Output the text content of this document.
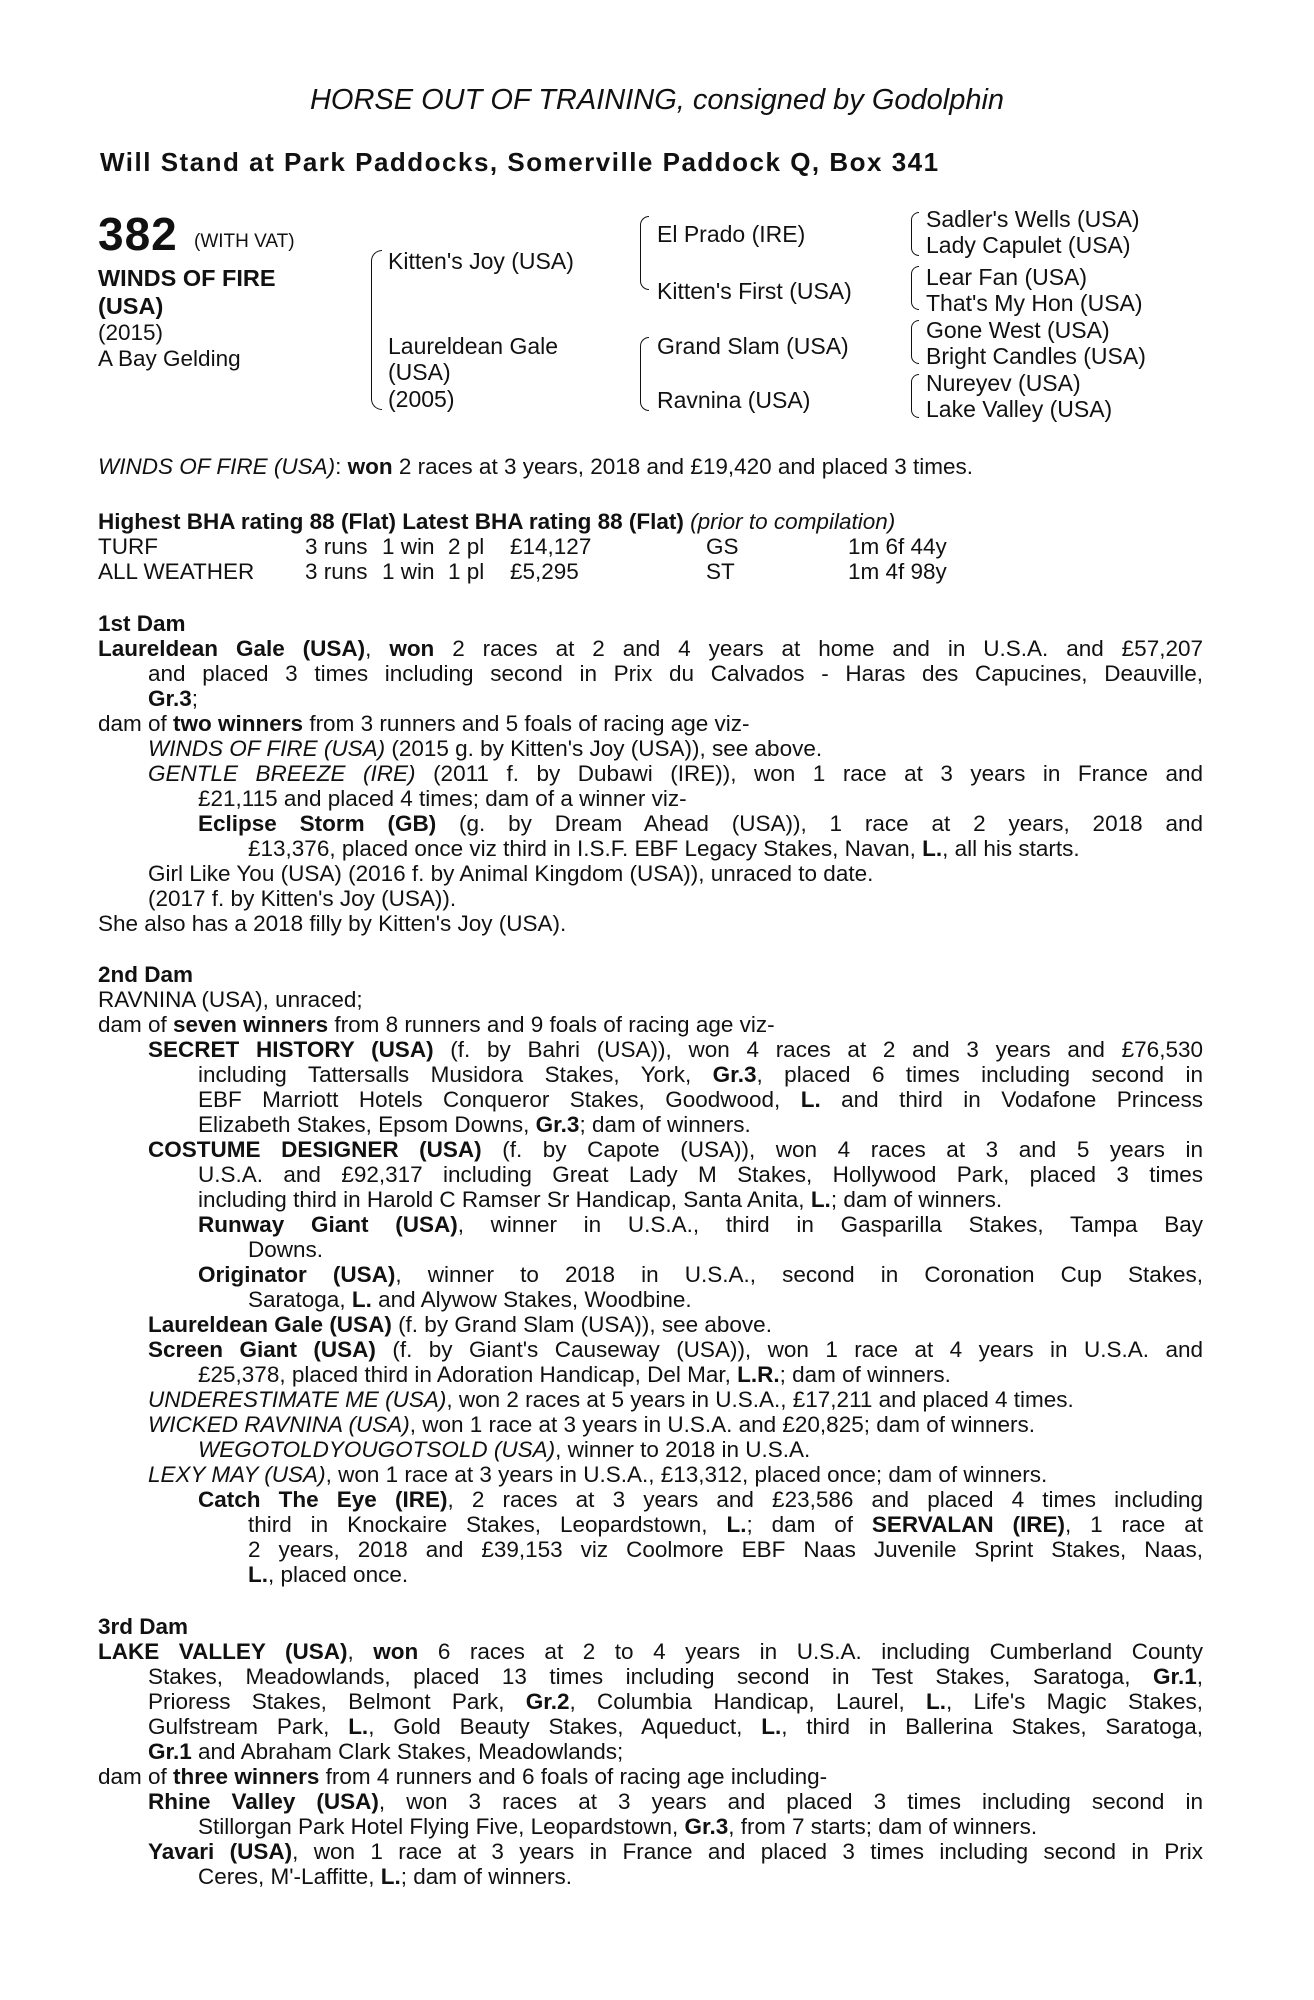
HORSE OUT OF TRAINING, consigned by Godolphin
Will Stand at Park Paddocks, Somerville Paddock Q, Box 341
382 (WITH VAT)
WINDS OF FIRE
(USA)
(2015)
A Bay Gelding
Kitten's Joy (USA)
Laureldean Gale
(USA)
(2005)
El Prado (IRE)
Kitten's First (USA)
Grand Slam (USA)
Ravnina (USA)
Sadler's Wells (USA)
Lady Capulet (USA)
Lear Fan (USA)
That's My Hon (USA)
Gone West (USA)
Bright Candles (USA)
Nureyev (USA)
Lake Valley (USA)
WINDS OF FIRE (USA): won 2 races at 3 years, 2018 and £19,420 and placed 3 times.
Highest BHA rating 88 (Flat) Latest BHA rating 88 (Flat) (prior to compilation)
TURF	3 runs 1 win 2 pl £14,127	GS	1m 6f 44y
ALL WEATHER 3 runs 1 win 1 pl £5,295	ST	1m 4f 98y
1st Dam
Laureldean Gale (USA), won 2 races at 2 and 4 years at home and in U.S.A. and £57,207
and placed 3 times including second in Prix du Calvados - Haras des Capucines, Deauville,
Gr.3;
dam of two winners from 3 runners and 5 foals of racing age viz-
WINDS OF FIRE (USA) (2015 g. by Kitten's Joy (USA)), see above.
GENTLE BREEZE (IRE) (2011 f. by Dubawi (IRE)), won 1 race at 3 years in France and
£21,115 and placed 4 times; dam of a winner viz-
Eclipse Storm (GB) (g. by Dream Ahead (USA)), 1 race at 2 years, 2018 and
£13,376, placed once viz third in I.S.F. EBF Legacy Stakes, Navan, L., all his starts.
Girl Like You (USA) (2016 f. by Animal Kingdom (USA)), unraced to date.
(2017 f. by Kitten's Joy (USA)).
She also has a 2018 filly by Kitten's Joy (USA).
2nd Dam
RAVNINA (USA), unraced;
dam of seven winners from 8 runners and 9 foals of racing age viz-
SECRET HISTORY (USA) (f. by Bahri (USA)), won 4 races at 2 and 3 years and £76,530
including Tattersalls Musidora Stakes, York, Gr.3, placed 6 times including second in
EBF Marriott Hotels Conqueror Stakes, Goodwood, L. and third in Vodafone Princess
Elizabeth Stakes, Epsom Downs, Gr.3; dam of winners.
COSTUME DESIGNER (USA) (f. by Capote (USA)), won 4 races at 3 and 5 years in
U.S.A. and £92,317 including Great Lady M Stakes, Hollywood Park, placed 3 times
including third in Harold C Ramser Sr Handicap, Santa Anita, L.; dam of winners.
Runway Giant (USA), winner in U.S.A., third in Gasparilla Stakes, Tampa Bay
Downs.
Originator (USA), winner to 2018 in U.S.A., second in Coronation Cup Stakes,
Saratoga, L. and Alywow Stakes, Woodbine.
Laureldean Gale (USA) (f. by Grand Slam (USA)), see above.
Screen Giant (USA) (f. by Giant's Causeway (USA)), won 1 race at 4 years in U.S.A. and
£25,378, placed third in Adoration Handicap, Del Mar, L.R.; dam of winners.
UNDERESTIMATE ME (USA), won 2 races at 5 years in U.S.A., £17,211 and placed 4 times.
WICKED RAVNINA (USA), won 1 race at 3 years in U.S.A. and £20,825; dam of winners.
WEGOTOLDYOUGOTSOLD (USA), winner to 2018 in U.S.A.
LEXY MAY (USA), won 1 race at 3 years in U.S.A., £13,312, placed once; dam of winners.
Catch The Eye (IRE), 2 races at 3 years and £23,586 and placed 4 times including
third in Knockaire Stakes, Leopardstown, L.; dam of SERVALAN (IRE), 1 race at
2 years, 2018 and £39,153 viz Coolmore EBF Naas Juvenile Sprint Stakes, Naas,
L., placed once.
3rd Dam
LAKE VALLEY (USA), won 6 races at 2 to 4 years in U.S.A. including Cumberland County
Stakes, Meadowlands, placed 13 times including second in Test Stakes, Saratoga, Gr.1,
Prioress Stakes, Belmont Park, Gr.2, Columbia Handicap, Laurel, L., Life's Magic Stakes,
Gulfstream Park, L., Gold Beauty Stakes, Aqueduct, L., third in Ballerina Stakes, Saratoga,
Gr.1 and Abraham Clark Stakes, Meadowlands;
dam of three winners from 4 runners and 6 foals of racing age including-
Rhine Valley (USA), won 3 races at 3 years and placed 3 times including second in
Stillorgan Park Hotel Flying Five, Leopardstown, Gr.3, from 7 starts; dam of winners.
Yavari (USA), won 1 race at 3 years in France and placed 3 times including second in Prix
Ceres, M'-Laffitte, L.; dam of winners.
